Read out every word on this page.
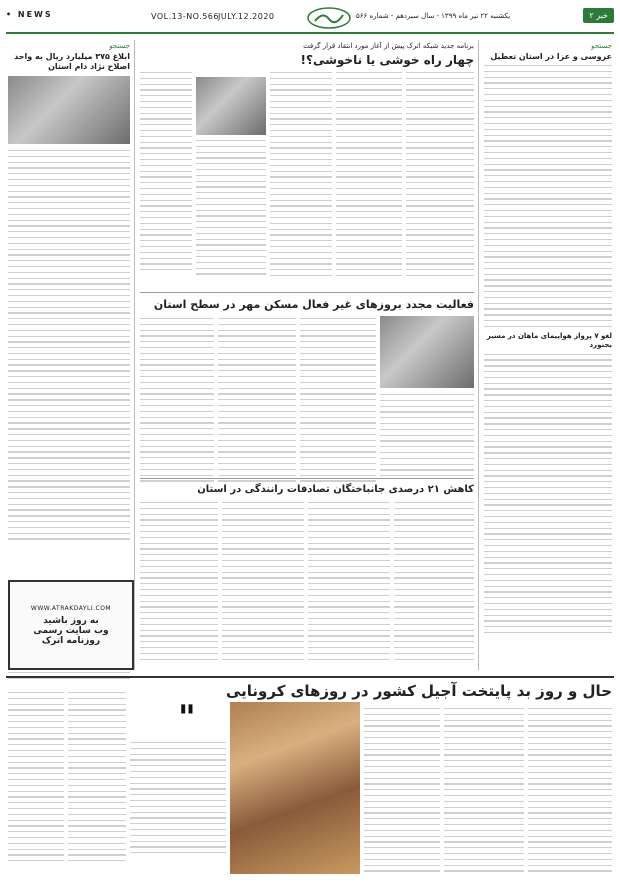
• NEWS	VOL.13-NO.566 JULY.12.2020	یکشنبه ۲۲ تیر ماه ۱۳۹۹ - سال سیزدهم - شماره ۵۶۶	خبر ۲
جستجو
ابلاغ ۳۷۵ میلیارد ریال به واحد اصلاح نژاد دام استان
WWW.ATRAKDAYLI.COM
به روز باشید
وب سایت رسمی
روزنامه اترک
جستجو
عروسی و عزا در استان تعطیل
لغو ۷ پرواز هواپیمای ماهان در مسیر بجنورد
برنامه جدید شبکه اترک پیش از آغاز مورد انتقاد قرار گرفت
چهار راه خوشی یا ناخوشی؟!
فعالیت مجدد بروزهای غیر فعال مسکن مهر در سطح استان
کاهش ۲۱ درصدی جانباختگان تصادفات رانندگی در استان
حال و روز بد پایتخت آجیل کشور در روزهای کرونایی
"
